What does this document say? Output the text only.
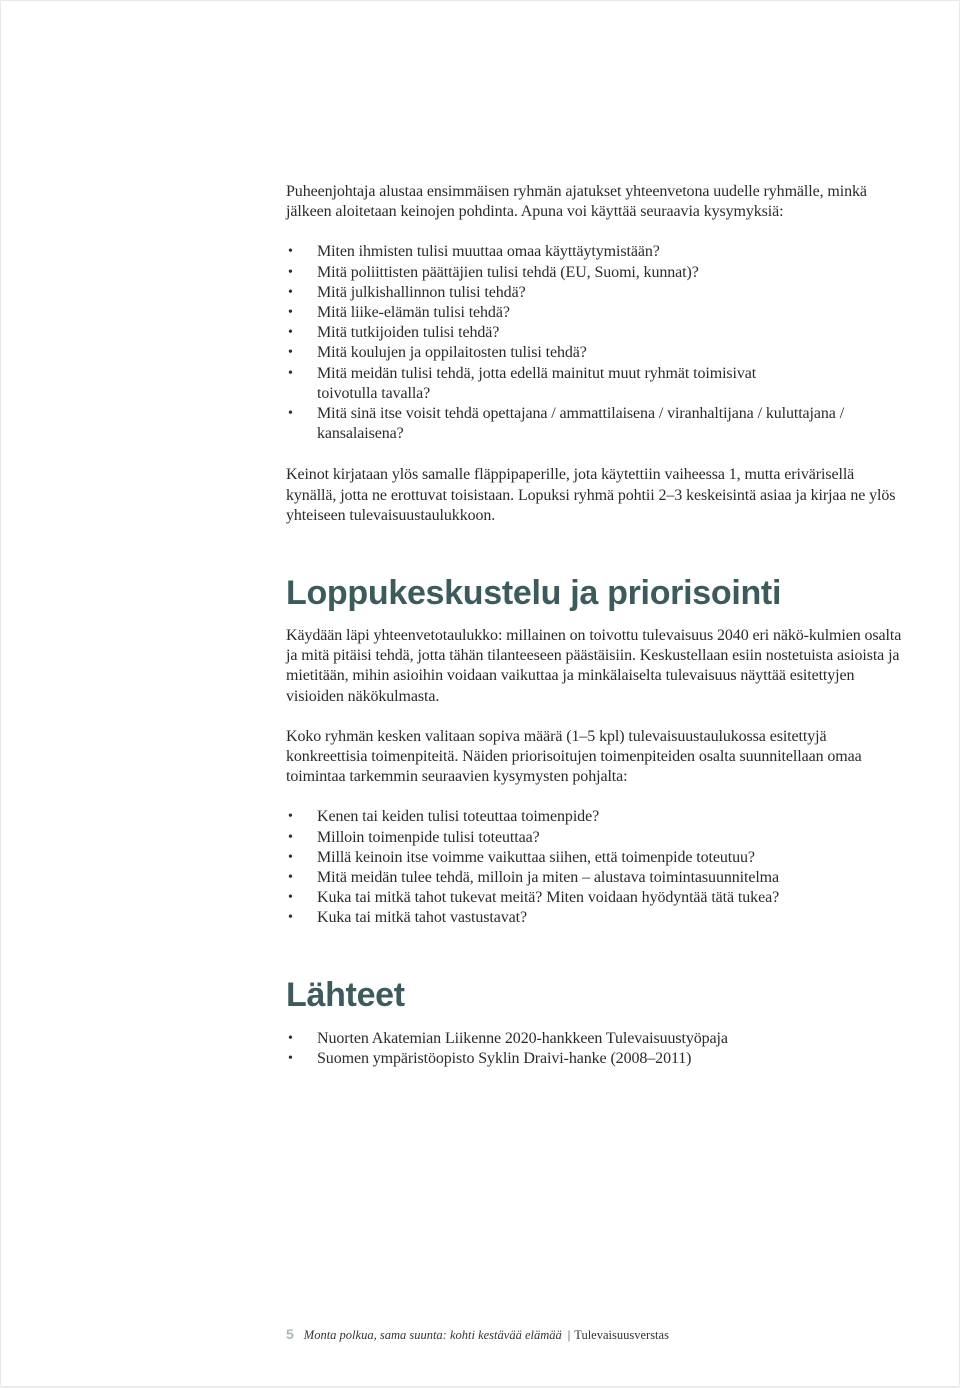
Puheenjohtaja alustaa ensimmäisen ryhmän ajatukset yhteenvetona uudelle ryhmälle, minkä jälkeen aloitetaan keinojen pohdinta. Apuna voi käyttää seuraavia kysymyksiä:

• Miten ihmisten tulisi muuttaa omaa käyttäytymistään?
• Mitä poliittisten päättäjien tulisi tehdä (EU, Suomi, kunnat)?
• Mitä julkishallinnon tulisi tehdä?
• Mitä liike-elämän tulisi tehdä?
• Mitä tutkijoiden tulisi tehdä?
• Mitä koulujen ja oppilaitosten tulisi tehdä?
• Mitä meidän tulisi tehdä, jotta edellä mainitut muut ryhmät toimisivat toivotulla tavalla?
• Mitä sinä itse voisit tehdä opettajana / ammattilaisena / viranhaltijana / kuluttajana / kansalaisena?

Keinot kirjataan ylös samalle fläppipaperille, jota käytettiin vaiheessa 1, mutta erivärisellä kynällä, jotta ne erottuvat toisistaan. Lopuksi ryhmä pohtii 2–3 keskeisintä asiaa ja kirjaa ne ylös yhteiseen tulevaisuustaulukkoon.

Loppukeskustelu ja priorisointi

Käydään läpi yhteenvetotaulukko: millainen on toivottu tulevaisuus 2040 eri näkö-kulmien osalta ja mitä pitäisi tehdä, jotta tähän tilanteeseen päästäisiin. Keskustellaan esiin nostetuista asioista ja mietitään, mihin asioihin voidaan vaikuttaa ja minkälaiselta tulevaisuus näyttää esitettyjen visioiden näkökulmasta.

Koko ryhmän kesken valitaan sopiva määrä (1–5 kpl) tulevaisuustaulukossa esitettyjä konkreettisia toimenpiteitä. Näiden priorisoitujen toimenpiteiden osalta suunnitellaan omaa toimintaa tarkemmin seuraavien kysymysten pohjalta:

• Kenen tai keiden tulisi toteuttaa toimenpide?
• Milloin toimenpide tulisi toteuttaa?
• Millä keinoin itse voimme vaikuttaa siihen, että toimenpide toteutuu?
• Mitä meidän tulee tehdä, milloin ja miten – alustava toimintasuunnitelma
• Kuka tai mitkä tahot tukevat meitä? Miten voidaan hyödyntää tätä tukea?
• Kuka tai mitkä tahot vastustavat?
Lähteet
• Nuorten Akatemian Liikenne 2020-hankkeen Tulevaisuustyöpaja
• Suomen ympäristöopisto Syklin Draivi-hanke (2008–2011)
5 Monta polkua, sama suunta: kohti kestävää elämää | Tulevaisuusverstas
